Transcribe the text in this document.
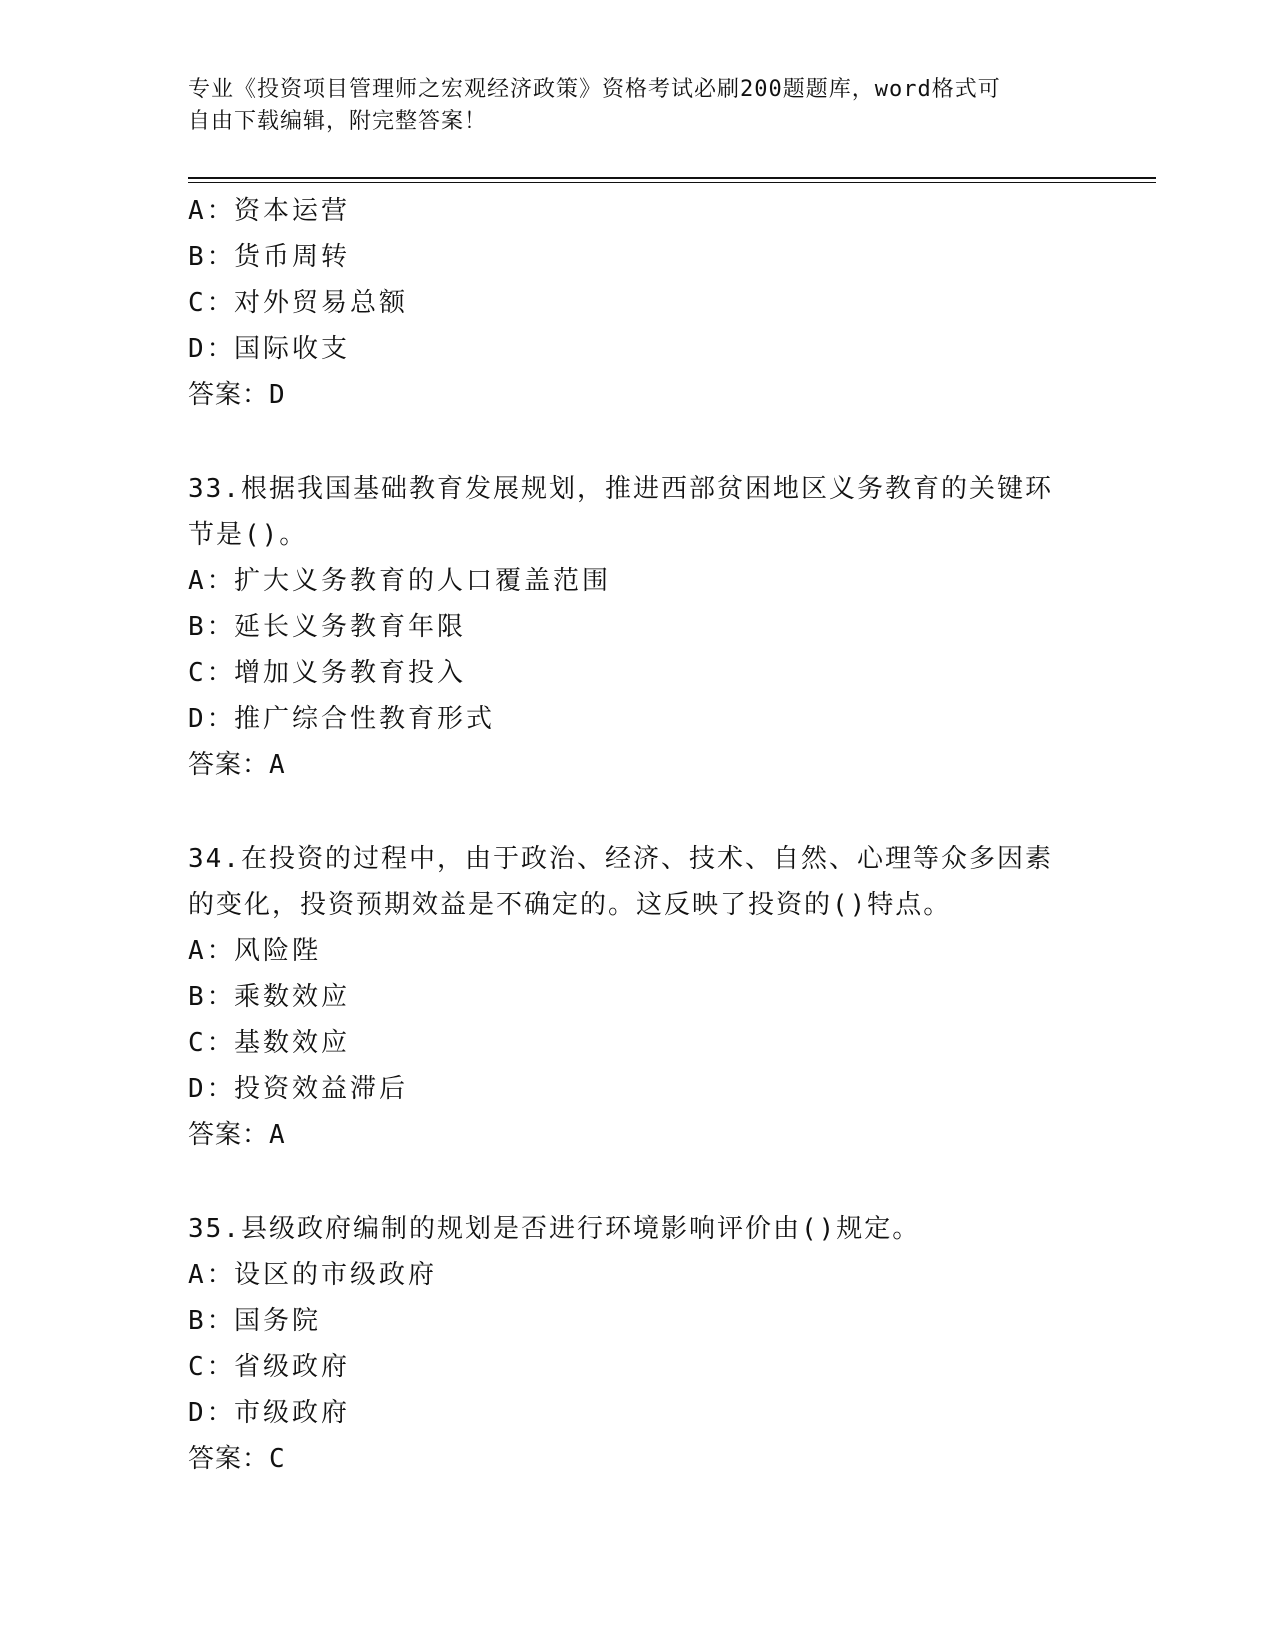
专业《投资项目管理师之宏观经济政策》资格考试必刷200题题库，word格式可
自由下载编辑，附完整答案！
A：资本运营
B：货币周转
C：对外贸易总额
D：国际收支
答案：D
33.根据我国基础教育发展规划，推进西部贫困地区义务教育的关键环
节是()。
A：扩大义务教育的人口覆盖范围
B：延长义务教育年限
C：增加义务教育投入
D：推广综合性教育形式
答案：A
34.在投资的过程中，由于政治、经济、技术、自然、心理等众多因素
的变化，投资预期效益是不确定的。这反映了投资的()特点。
A：风险陛
B：乘数效应
C：基数效应
D：投资效益滞后
答案：A
35.县级政府编制的规划是否进行环境影响评价由()规定。
A：设区的市级政府
B：国务院
C：省级政府
D：市级政府
答案：C
